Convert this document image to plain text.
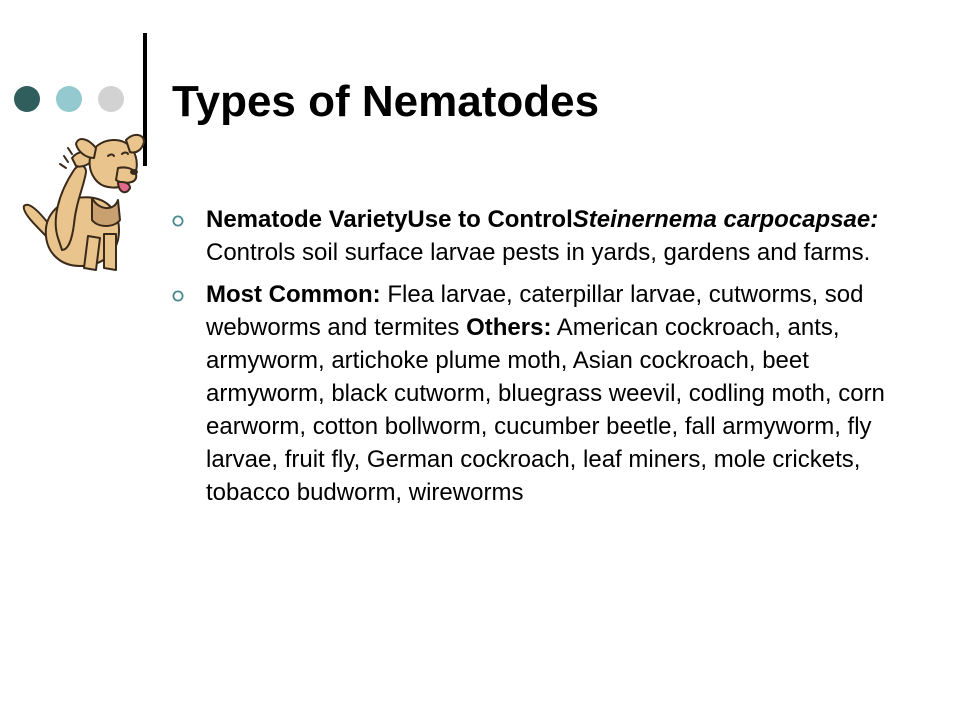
Types of Nematodes
Nematode VarietyUse to ControlSteinernema carpocapsae: Controls soil surface larvae pests in yards, gardens and farms.
Most Common: Flea larvae, caterpillar larvae, cutworms, sod webworms and termites Others: American cockroach, ants, armyworm, artichoke plume moth, Asian cockroach, beet armyworm, black cutworm, bluegrass weevil, codling moth, corn earworm, cotton bollworm, cucumber beetle, fall armyworm, fly larvae, fruit fly, German cockroach, leaf miners, mole crickets, tobacco budworm, wireworms
